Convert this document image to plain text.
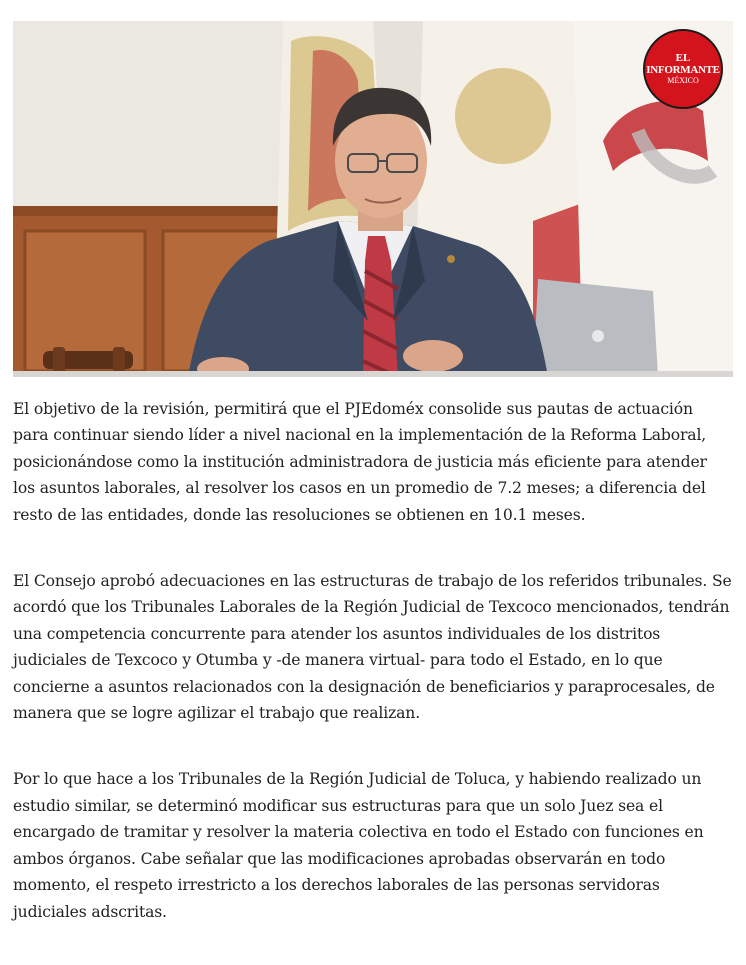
EL
INFORMANTE
MÉXICO

El objetivo de la revisión, permitirá que el PJEdoméx consolide sus pautas de actuación para continuar siendo líder a nivel nacional en la implementación de la Reforma Laboral, posicionándose como la institución administradora de justicia más eficiente para atender los asuntos laborales, al resolver los casos en un promedio de 7.2 meses; a diferencia del resto de las entidades, donde las resoluciones se obtienen en 10.1 meses.

El Consejo aprobó adecuaciones en las estructuras de trabajo de los referidos tribunales. Se acordó que los Tribunales Laborales de la Región Judicial de Texcoco mencionados, tendrán una competencia concurrente para atender los asuntos individuales de los distritos judiciales de Texcoco y Otumba y -de manera virtual- para todo el Estado, en lo que concierne a asuntos relacionados con la designación de beneficiarios y paraprocesales, de manera que se logre agilizar el trabajo que realizan.

Por lo que hace a los Tribunales de la Región Judicial de Toluca, y habiendo realizado un estudio similar, se determinó modificar sus estructuras para que un solo Juez sea el encargado de tramitar y resolver la materia colectiva en todo el Estado con funciones en ambos órganos. Cabe señalar que las modificaciones aprobadas observarán en todo momento, el respeto irrestricto a los derechos laborales de las personas servidoras judiciales adscritas.
